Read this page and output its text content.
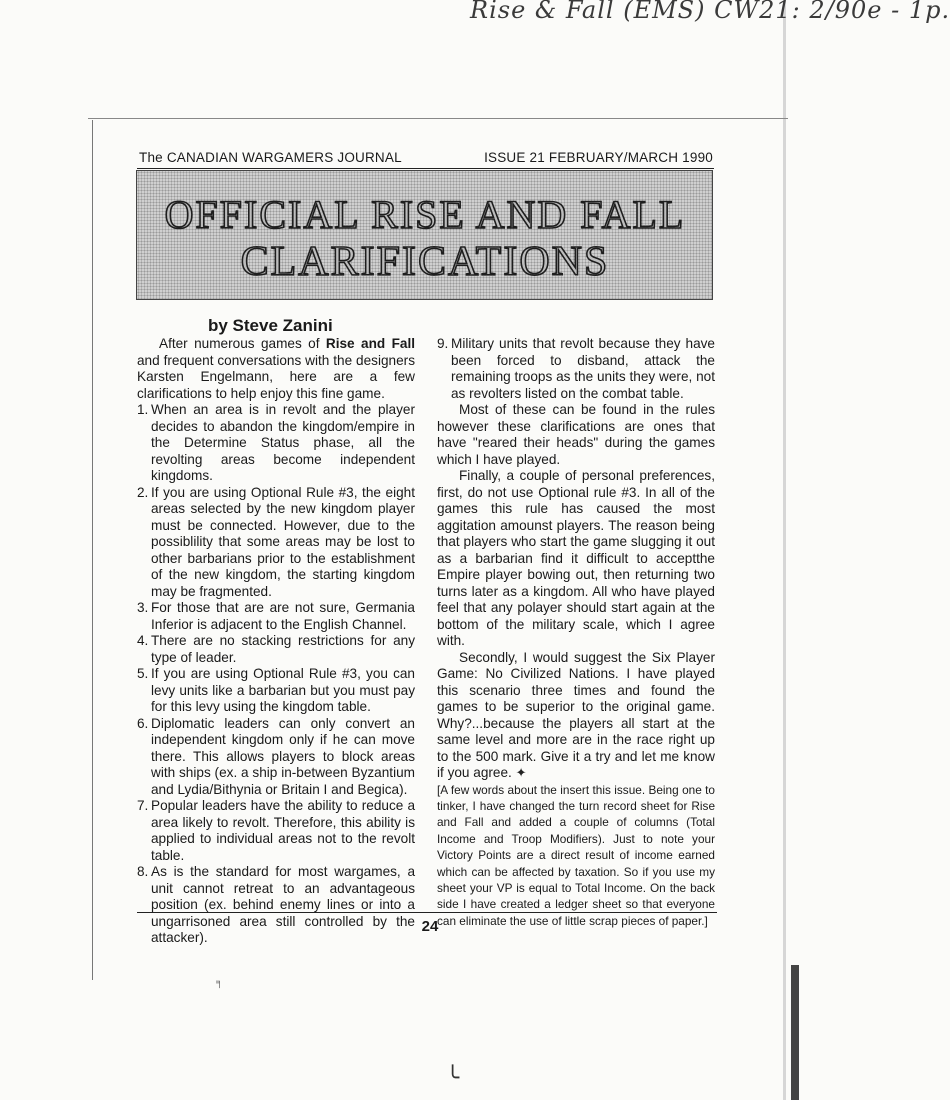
Rise & Fall (EMS) CW21: 2/90e - 1p.
The CANADIAN WARGAMERS JOURNAL	ISSUE 21 FEBRUARY/MARCH 1990
OFFICIAL RISE AND FALL
CLARIFICATIONS
by Steve Zanini

After numerous games of Rise and Fall and frequent conversations with the designers Karsten Engelmann, here are a few clarifications to help enjoy this fine game.

1. When an area is in revolt and the player decides to abandon the kingdom/empire in the Determine Status phase, all the revolting areas become independent kingdoms.
2. If you are using Optional Rule #3, the eight areas selected by the new kingdom player must be connected. However, due to the possiblility that some areas may be lost to other barbarians prior to the establishment of the new kingdom, the starting kingdom may be fragmented.
3. For those that are are not sure, Germania Inferior is adjacent to the English Channel.
4. There are no stacking restrictions for any type of leader.
5. If you are using Optional Rule #3, you can levy units like a barbarian but you must pay for this levy using the kingdom table.
6. Diplomatic leaders can only convert an independent kingdom only if he can move there. This allows players to block areas with ships (ex. a ship in-between Byzantium and Lydia/Bithynia or Britain I and Begica).
7. Popular leaders have the ability to reduce a area likely to revolt. Therefore, this ability is applied to individual areas not to the revolt table.
8. As is the standard for most wargames, a unit cannot retreat to an advantageous position (ex. behind enemy lines or into a ungarrisoned area still controlled by the attacker).
9. Military units that revolt because they have been forced to disband, attack the remaining troops as the units they were, not as revolters listed on the combat table.

Most of these can be found in the rules however these clarifications are ones that have "reared their heads" during the games which I have played.

Finally, a couple of personal preferences, first, do not use Optional rule #3. In all of the games this rule has caused the most aggitation amounst players. The reason being that players who start the game slugging it out as a barbarian find it difficult to acceptthe Empire player bowing out, then returning two turns later as a kingdom. All who have played feel that any polayer should start again at the bottom of the military scale, which I agree with.

Secondly, I would suggest the Six Player Game: No Civilized Nations. I have played this scenario three times and found the games to be superior to the original game. Why?...because the players all start at the same level and more are in the race right up to the 500 mark. Give it a try and let me know if you agree. ✦

[A few words about the insert this issue. Being one to tinker, I have changed the turn record sheet for Rise and Fall and added a couple of columns (Total Income and Troop Modifiers). Just to note your Victory Points are a direct result of income earned which can be affected by taxation. So if you use my sheet your VP is equal to Total Income. On the back side I have created a ledger sheet so that everyone can eliminate the use of little scrap pieces of paper.]

24
╕
╰
